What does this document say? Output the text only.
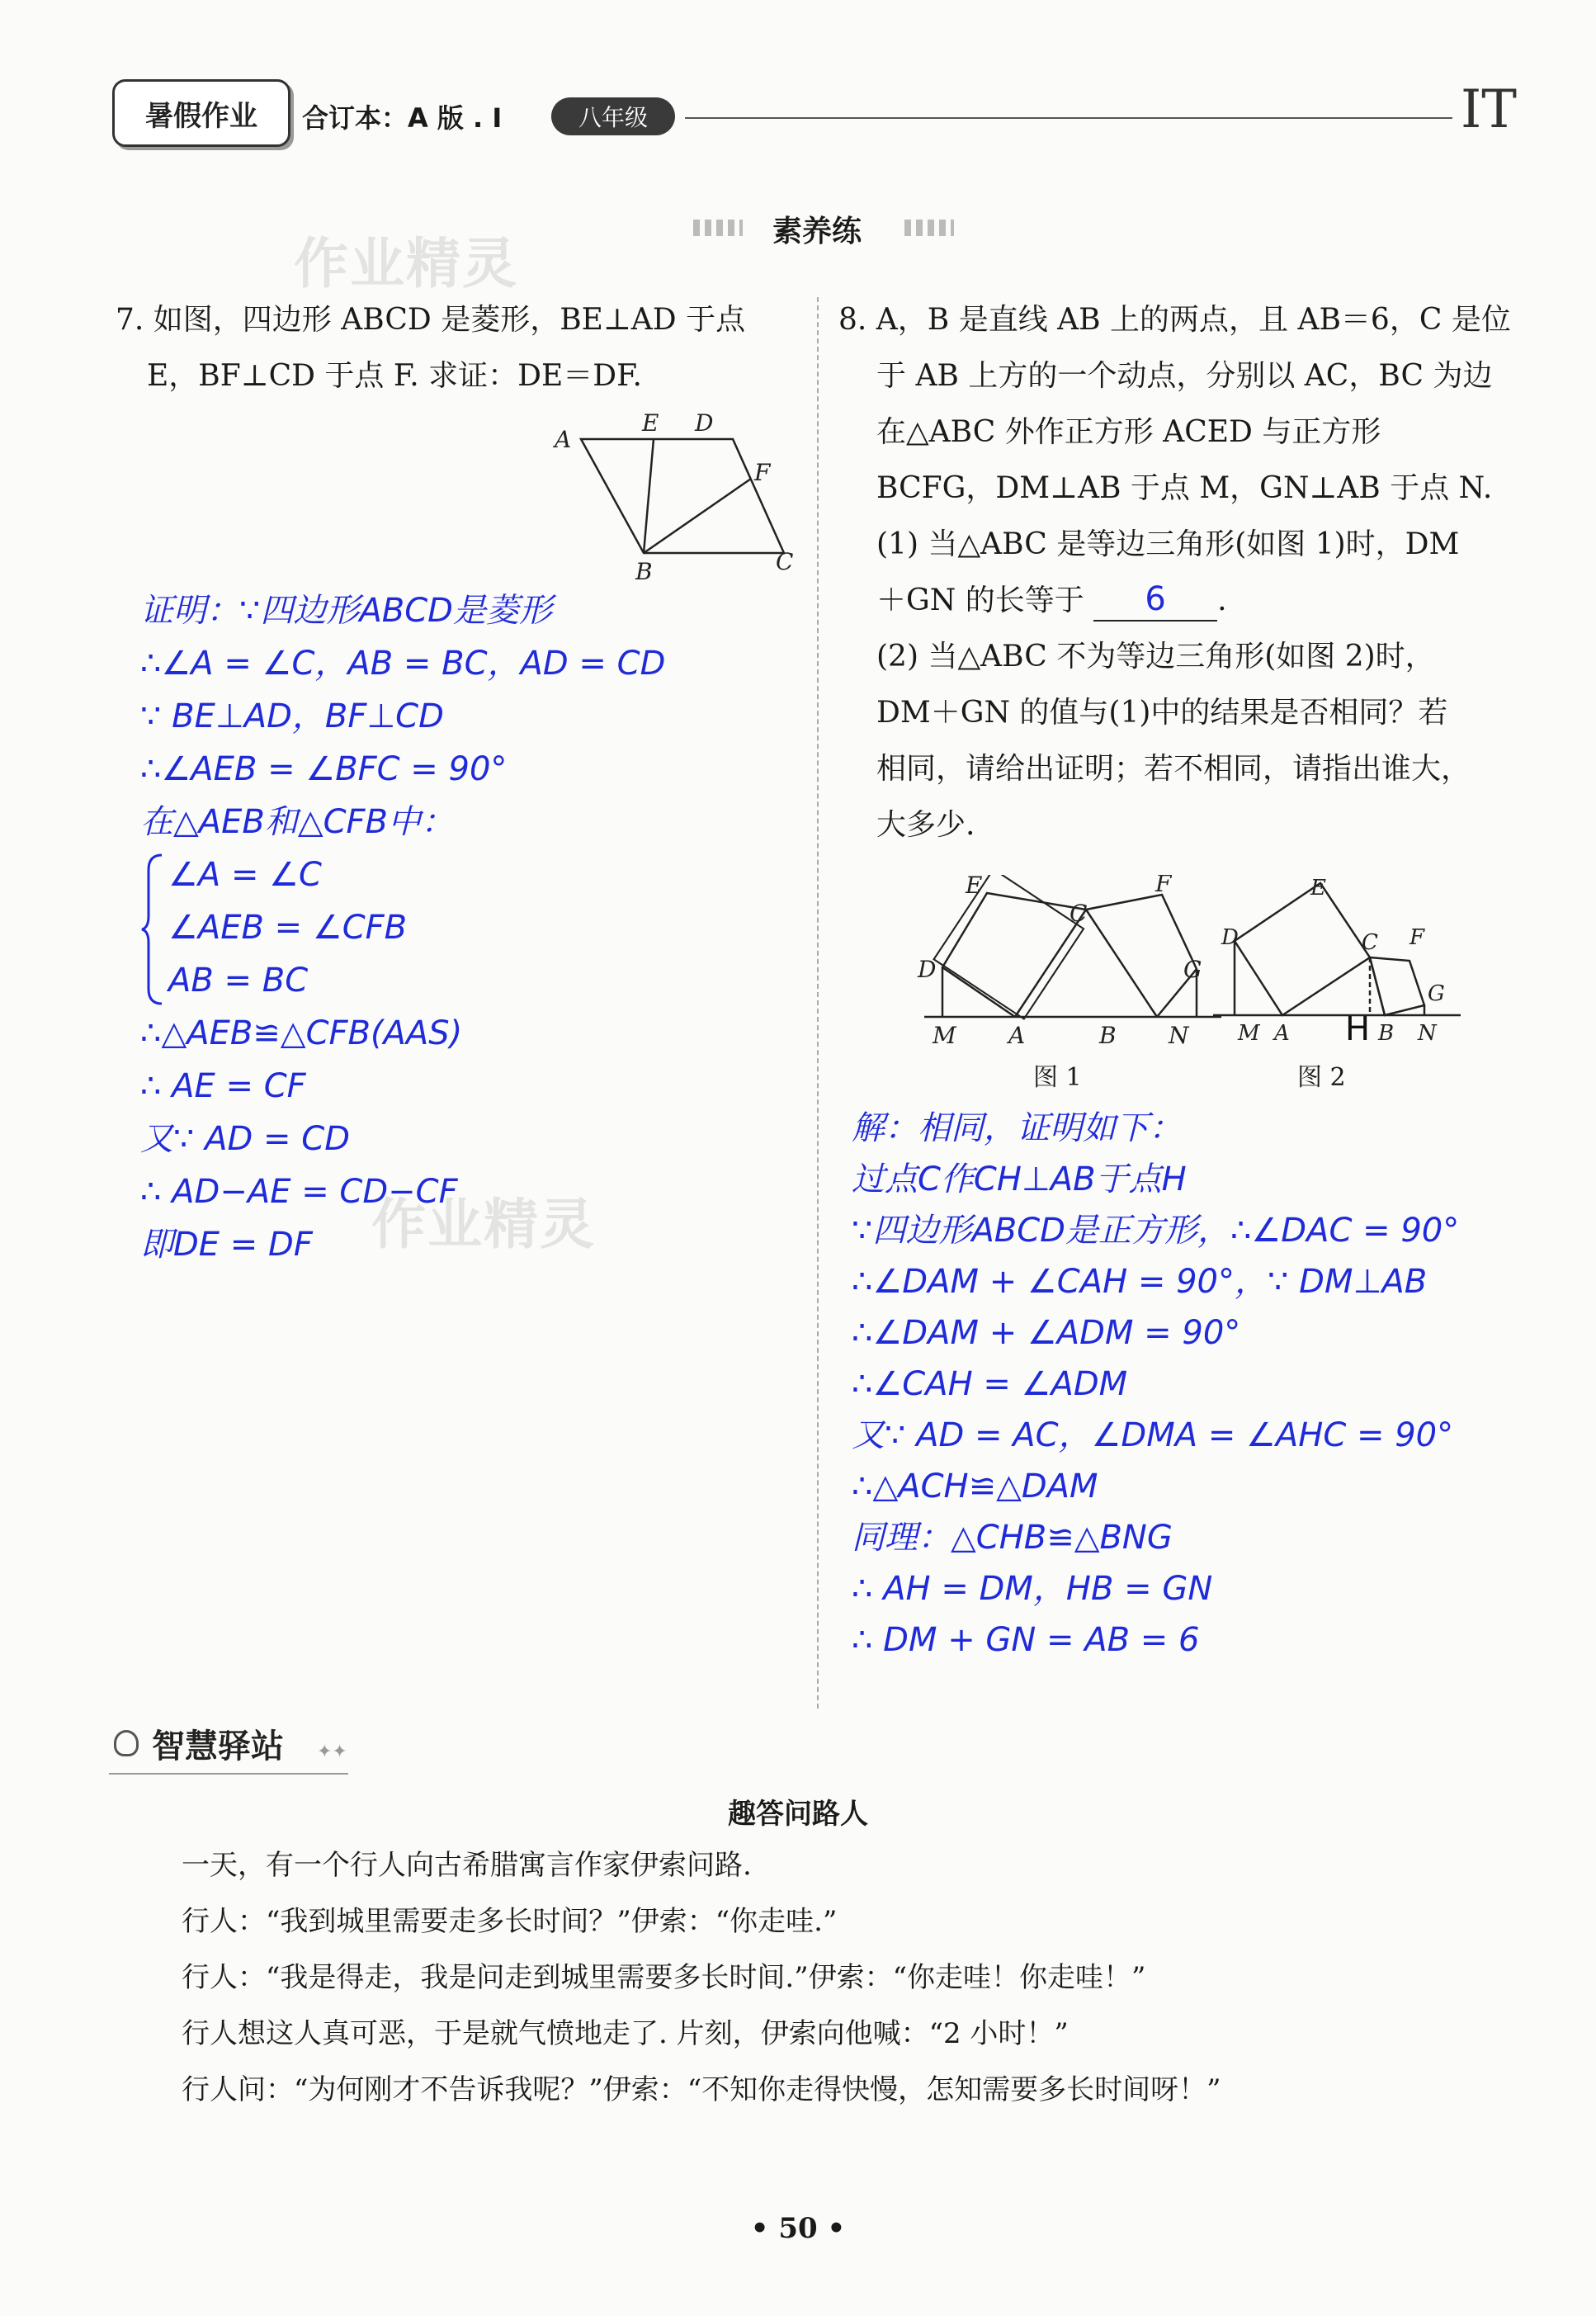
暑假作业	合订本：A 版 . I	八年级	IT
素养练
作业精灵
7. 如图，四边形 ABCD 是菱形，BE⊥AD 于点
E，BF⊥CD 于点 F. 求证：DE＝DF.
A
E D
F
B	C
证明：∵四边形ABCD是菱形
∴∠A = ∠C，AB = BC，AD = CD
∵ BE⊥AD，BF⊥CD
∴∠AEB = ∠BFC = 90°
在△AEB和△CFB中：
∠A = ∠C
∠AEB = ∠CFB
AB = BC
∴△AEB≌△CFB(AAS)
∴ AE = CF
又∵ AD = CD
∴ AD−AE = CD−CF
即DE = DF	作业精灵
8. A，B 是直线 AB 上的两点，且 AB＝6，C 是位
于 AB 上方的一个动点，分别以 AC，BC 为边
在△ABC 外作正方形 ACED 与正方形
BCFG，DM⊥AB 于点 M，GN⊥AB 于点 N.
(1) 当△ABC 是等边三角形(如图 1)时，DM
＋GN 的长等于 6 .
(2) 当△ABC 不为等边三角形(如图 2)时，
DM＋GN 的值与(1)中的结果是否相同？若
相同，请给出证明；若不相同，请指出谁大，
大多少.
E	F
C
D	G
M A	B N
图 1
E
D	C F
G
M A	B N
H
图 2
解：相同，证明如下：
过点C作CH⊥AB于点H
∵四边形ABCD是正方形，∴∠DAC = 90°
∴∠DAM + ∠CAH = 90°，∵ DM⊥AB
∴∠DAM + ∠ADM = 90°
∴∠CAH = ∠ADM
又∵ AD = AC，∠DMA = ∠AHC = 90°
∴△ACH≌△DAM
同理：△CHB≌△BNG
∴ AH = DM，HB = GN
∴ DM + GN = AB = 6
智慧驿站 ✦✦
趣答问路人
一天，有一个行人向古希腊寓言作家伊索问路.
行人：“我到城里需要走多长时间？”伊索：“你走哇.”
行人：“我是得走，我是问走到城里需要多长时间.”伊索：“你走哇！你走哇！”
行人想这人真可恶，于是就气愤地走了. 片刻，伊索向他喊：“2 小时！”
行人问：“为何刚才不告诉我呢？”伊索：“不知你走得快慢，怎知需要多长时间呀！”
• 50 •
